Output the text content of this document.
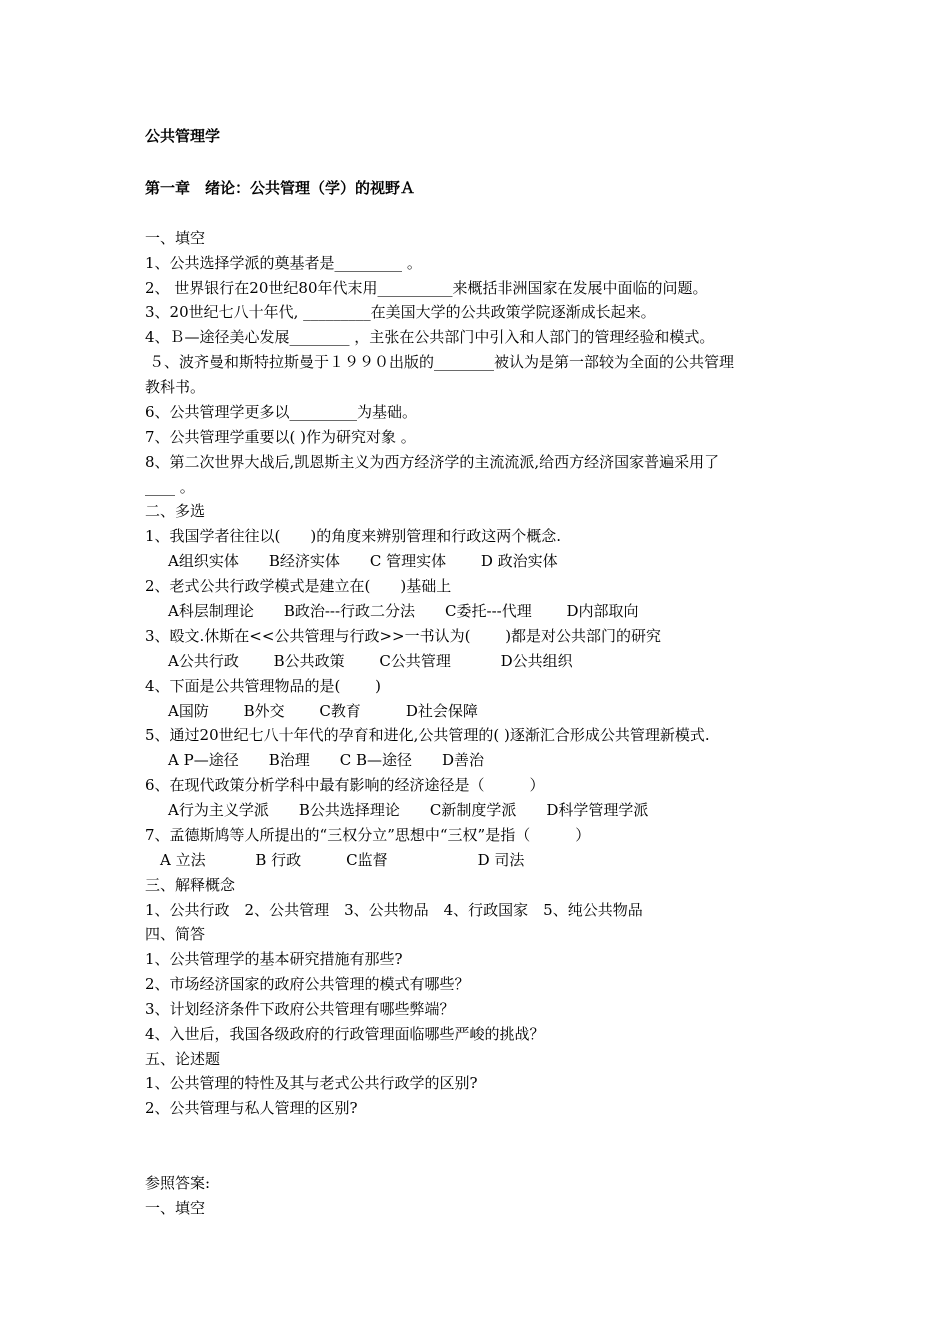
公共管理学
第一章　绪论：公共管理（学）的视野Ａ
一、填空
1、公共选择学派的奠基者是_________ 。
2、 世界银行在20世纪80年代末用__________来概括非洲国家在发展中面临的问题。
3、20世纪七八十年代, _________在美国大学的公共政策学院逐渐成长起来。
4、Ｂ—途径美心发展________ ，主张在公共部门中引入和人部门的管理经验和模式。
５、波齐曼和斯特拉斯曼于１９９０出版的________被认为是第一部较为全面的公共管理
教科书。
6、公共管理学更多以_________为基础。
7、公共管理学重要以( )作为研究对象 。
8、第二次世界大战后,凯恩斯主义为西方经济学的主流流派,给西方经济国家普遍采用了
____ 。
二、多选
1、我国学者往往以(　　)的角度来辨别管理和行政这两个概念.
A组织实体　　B经济实体　　C 管理实体　　 D 政治实体
2、老式公共行政学模式是建立在(　　)基础上
A科层制理论　　B政治---行政二分法　　C委托---代理　　 D内部取向
3、殴文.休斯在<<公共管理与行政>>一书认为(　　 )都是对公共部门的研究
A公共行政　　 B公共政策　　 C公共管理　　　 D公共组织
4、下面是公共管理物品的是(　　 )
A国防　　 B外交　　 C教育　　　D社会保障
5、通过20世纪七八十年代的孕育和进化,公共管理的( )逐渐汇合形成公共管理新模式.
A P—途径　　B治理　　C B—途径　　D善治
6、在现代政策分析学科中最有影响的经济途径是（　　　）
A行为主义学派　　B公共选择理论　　C新制度学派　　D科学管理学派
7、孟德斯鸠等人所提出的“三权分立”思想中“三权”是指（　　　）
A 立法　　　 B 行政　　　C监督　　　　　　D 司法
三、解释概念
1、公共行政　2、公共管理　3、公共物品　4、行政国家　5、纯公共物品
四、简答
1、公共管理学的基本研究措施有那些?
2、市场经济国家的政府公共管理的模式有哪些？
3、计划经济条件下政府公共管理有哪些弊端？
4、入世后，我国各级政府的行政管理面临哪些严峻的挑战？
五、论述题
1、公共管理的特性及其与老式公共行政学的区别?
2、公共管理与私人管理的区别?
参照答案:
一、填空
